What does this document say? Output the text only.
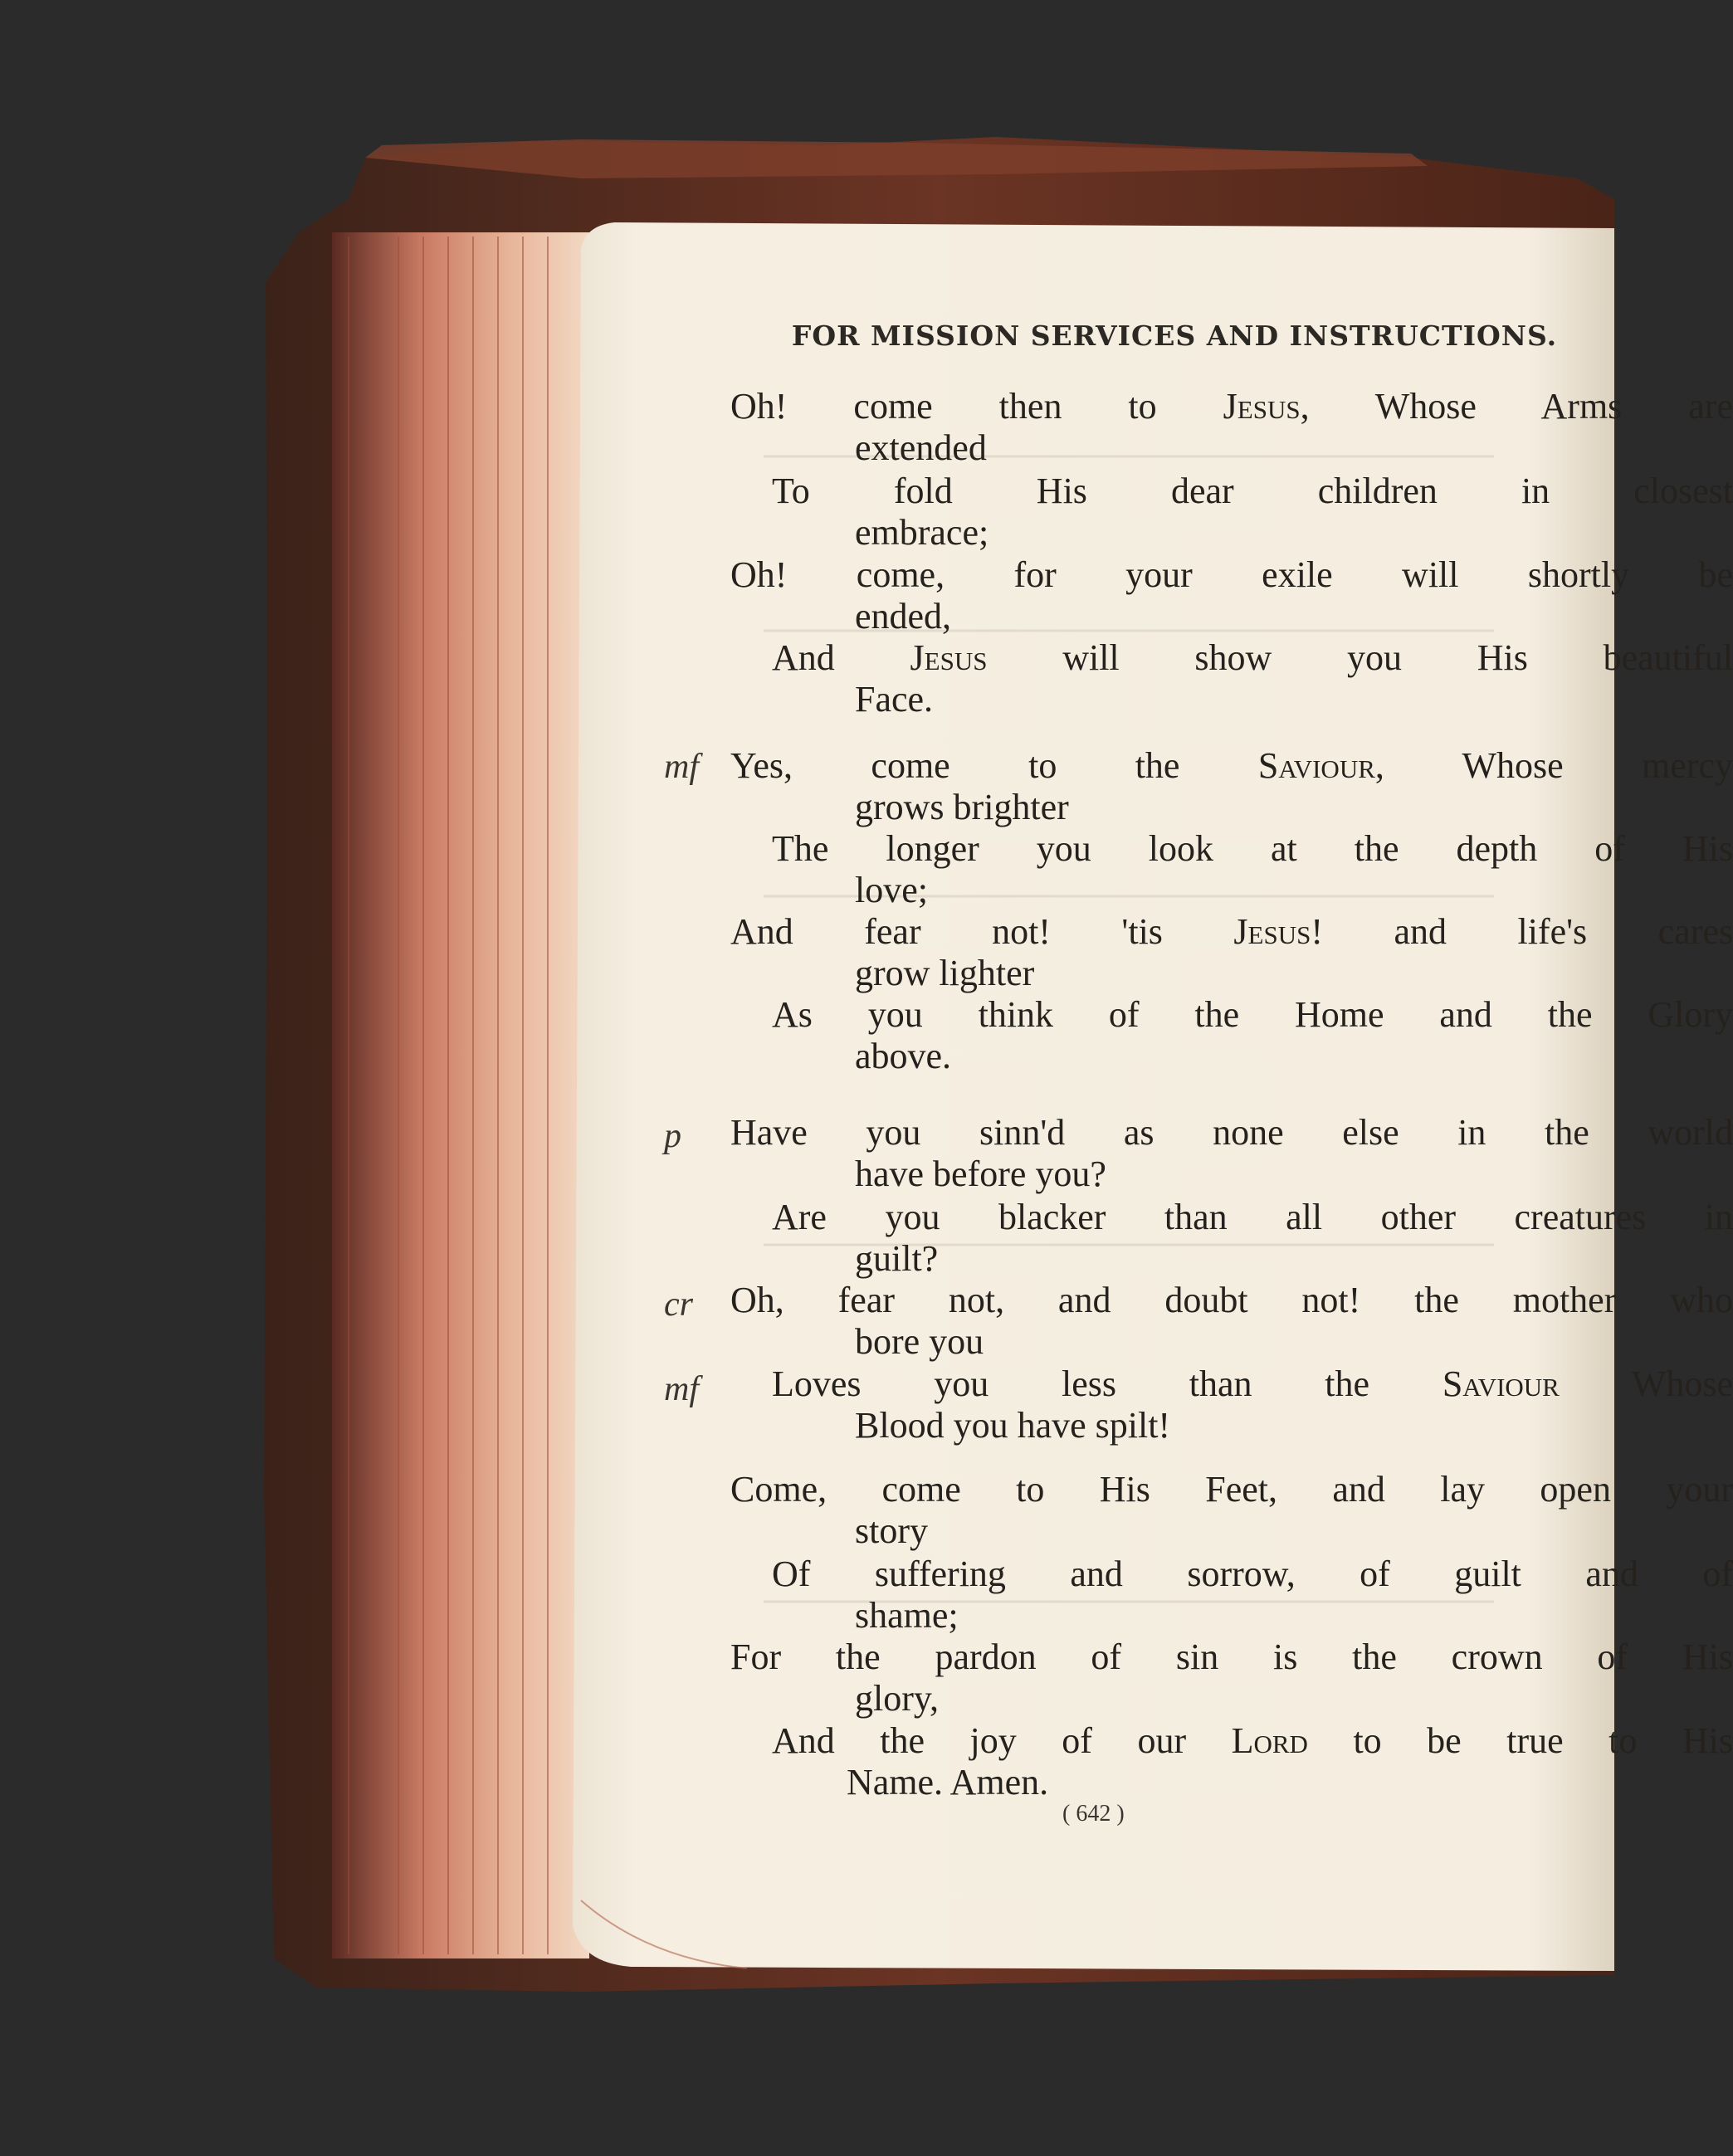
FOR MISSION SERVICES AND INSTRUCTIONS.
mf
p
cr
mf
Oh! come then to Jesus, Whose Arms are
extended
To fold His dear children in closest
embrace;
Oh! come, for your exile will shortly be
ended,
And Jesus will show you His beautiful
Face.
Yes, come to the Saviour, Whose mercy
grows brighter
The longer you look at the depth of His
love;
And fear not! 'tis Jesus! and life's cares
grow lighter
As you think of the Home and the Glory
above.
Have you sinn'd as none else in the world
have before you?
Are you blacker than all other creatures in
guilt?
Oh, fear not, and doubt not! the mother who
bore you
Loves you less than the Saviour Whose
Blood you have spilt!
Come, come to His Feet, and lay open your
story
Of suffering and sorrow, of guilt and of
shame;
For the pardon of sin is the crown of His
glory,
And the joy of our Lord to be true to His
Name. Amen.
( 642 )
